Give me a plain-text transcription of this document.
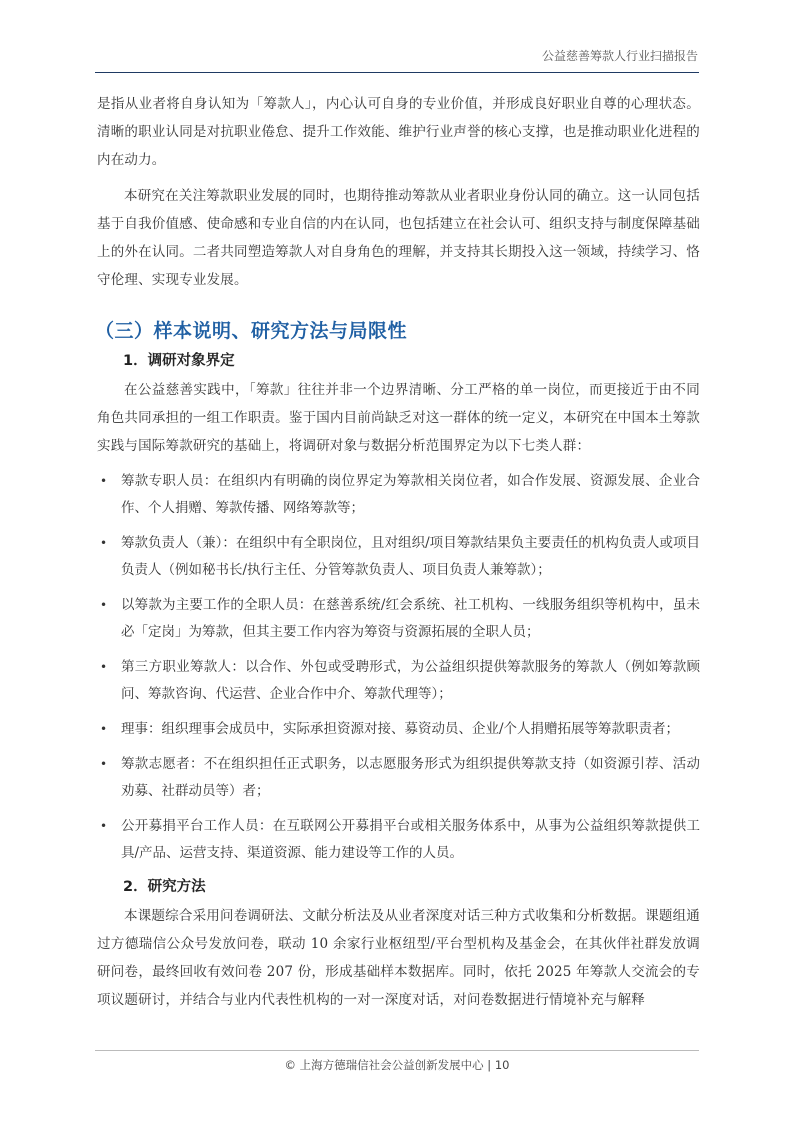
公益慈善筹款人行业扫描报告

是指从业者将自身认知为「筹款人」，内心认可自身的专业价值，并形成良好职业自尊的心理状态。清晰的职业认同是对抗职业倦怠、提升工作效能、维护行业声誉的核心支撑，也是推动职业化进程的内在动力。

本研究在关注筹款职业发展的同时，也期待推动筹款从业者职业身份认同的确立。这一认同包括基于自我价值感、使命感和专业自信的内在认同，也包括建立在社会认可、组织支持与制度保障基础上的外在认同。二者共同塑造筹款人对自身角色的理解，并支持其长期投入这一领域，持续学习、恪守伦理、实现专业发展。

（三）样本说明、研究方法与局限性
1．调研对象界定

在公益慈善实践中，「筹款」往往并非一个边界清晰、分工严格的单一岗位，而更接近于由不同角色共同承担的一组工作职责。鉴于国内目前尚缺乏对这一群体的统一定义，本研究在中国本土筹款实践与国际筹款研究的基础上，将调研对象与数据分析范围界定为以下七类人群：

• 筹款专职人员：在组织内有明确的岗位界定为筹款相关岗位者，如合作发展、资源发展、企业合作、个人捐赠、筹款传播、网络筹款等；
• 筹款负责人（兼）：在组织中有全职岗位，且对组织/项目筹款结果负主要责任的机构负责人或项目负责人（例如秘书长/执行主任、分管筹款负责人、项目负责人兼筹款）；
• 以筹款为主要工作的全职人员：在慈善系统/红会系统、社工机构、一线服务组织等机构中，虽未必「定岗」为筹款，但其主要工作内容为筹资与资源拓展的全职人员；
• 第三方职业筹款人：以合作、外包或受聘形式，为公益组织提供筹款服务的筹款人（例如筹款顾问、筹款咨询、代运营、企业合作中介、筹款代理等）；
• 理事：组织理事会成员中，实际承担资源对接、募资动员、企业/个人捐赠拓展等筹款职责者；
• 筹款志愿者：不在组织担任正式职务，以志愿服务形式为组织提供筹款支持（如资源引荐、活动劝募、社群动员等）者；
• 公开募捐平台工作人员：在互联网公开募捐平台或相关服务体系中，从事为公益组织筹款提供工具/产品、运营支持、渠道资源、能力建设等工作的人员。
2．研究方法

本课题综合采用问卷调研法、文献分析法及从业者深度对话三种方式收集和分析数据。课题组通过方德瑞信公众号发放问卷，联动 10 余家行业枢纽型/平台型机构及基金会，在其伙伴社群发放调研问卷，最终回收有效问卷 207 份，形成基础样本数据库。同时，依托 2025 年筹款人交流会的专项议题研讨，并结合与业内代表性机构的一对一深度对话，对问卷数据进行情境补充与解释

© 上海方德瑞信社会公益创新发展中心 | 10
